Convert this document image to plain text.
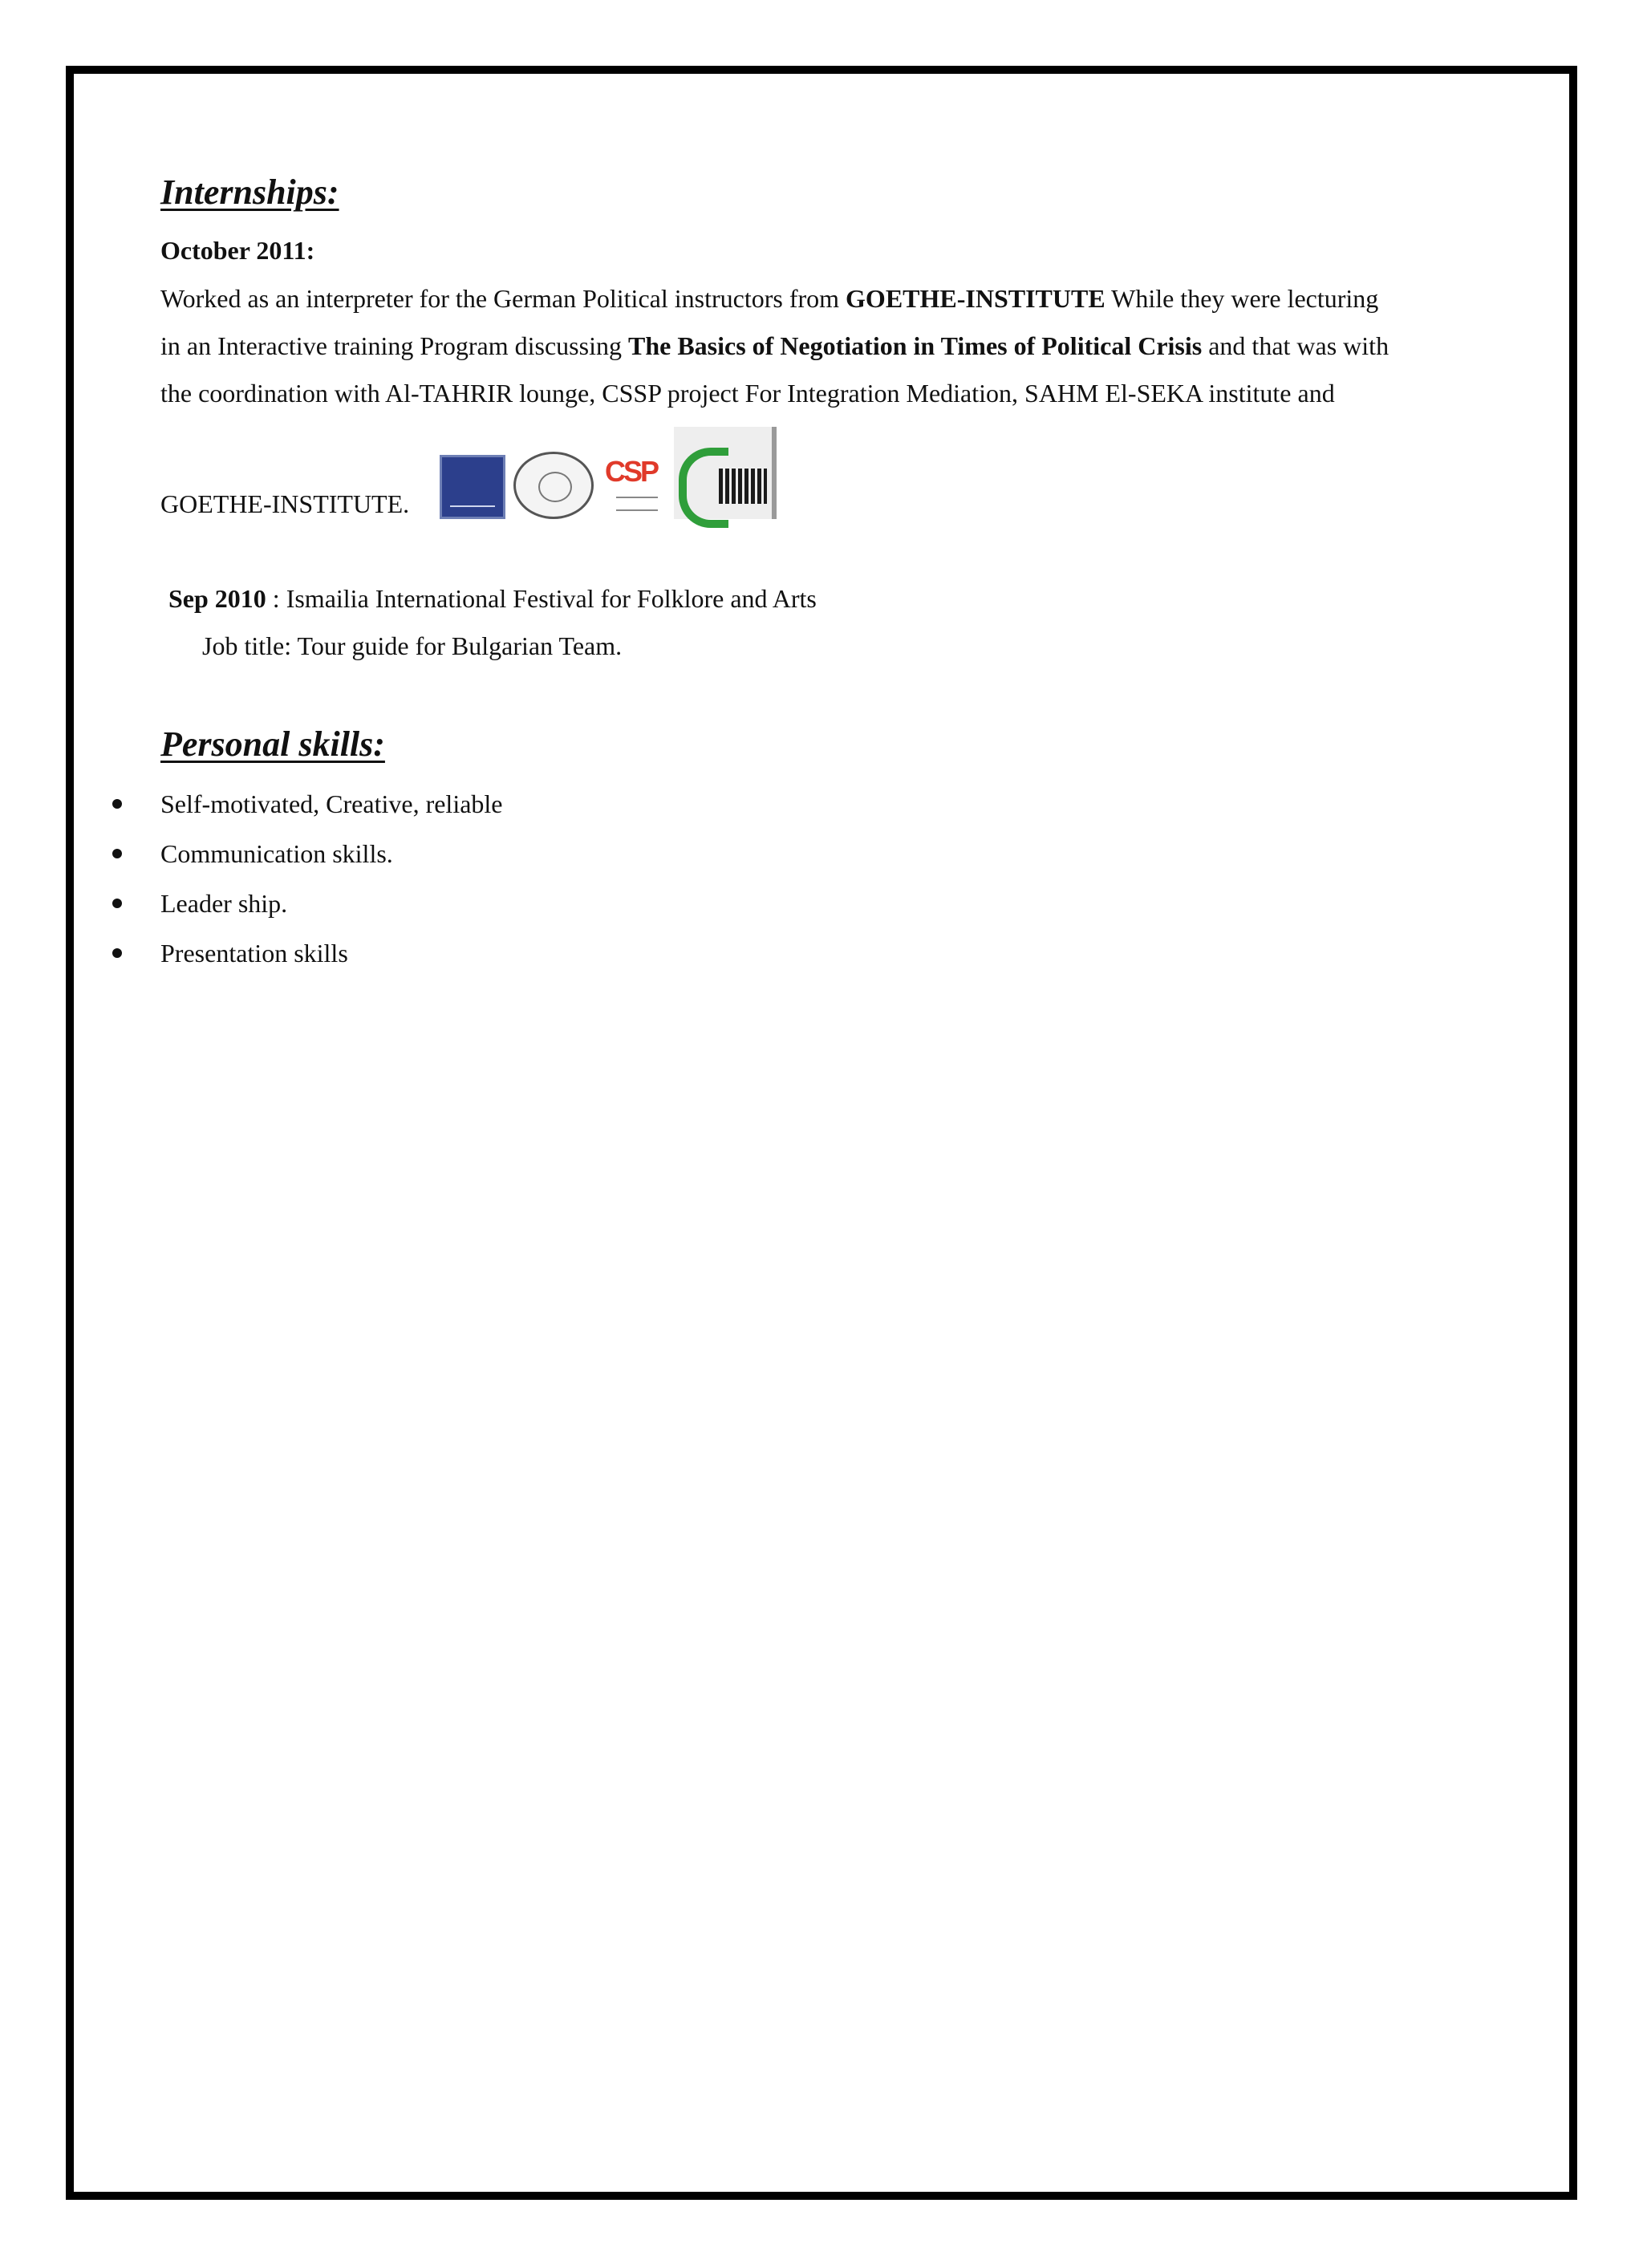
Internships:

October 2011:

Worked as an interpreter for the German Political instructors from GOETHE-INSTITUTE While they were lecturing

in an Interactive training Program discussing The Basics of Negotiation in Times of Political Crisis and that was with

the coordination with Al-TAHRIR lounge, CSSP project For Integration Mediation, SAHM El-SEKA institute and

GOETHE-INSTITUTE.

CSP

Sep 2010 : Ismailia International Festival for Folklore and Arts

Job title: Tour guide for Bulgarian Team.

Personal skills:

Self-motivated, Creative, reliable

Communication skills.

Leader ship.

Presentation skills
